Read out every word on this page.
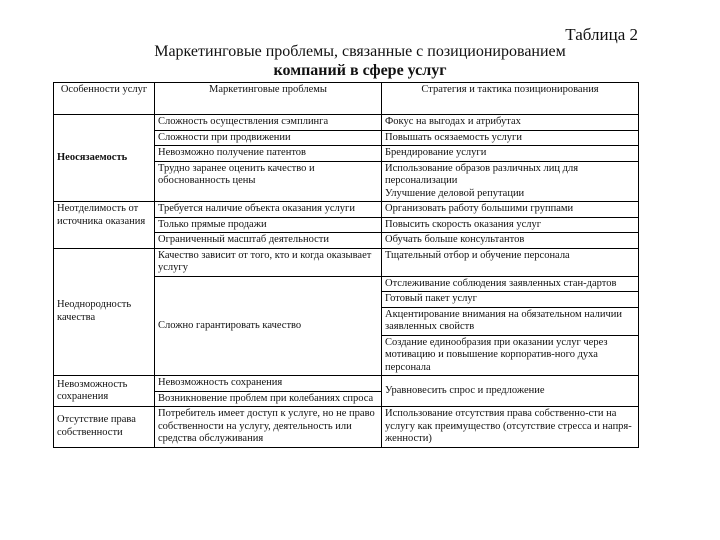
Таблица 2
Маркетинговые проблемы, связанные с позиционированием
компаний в сфере услуг
Особенности услуг	Маркетинговые проблемы	Стратегия и тактика позиционирования
Неосязаемость	Сложность осуществления сэмплинга	Фокус на выгодах и атрибутах
	Сложности при продвижении	Повышать осязаемость услуги
	Невозможно получение патентов	Брендирование услуги
	Трудно заранее оценить качество и обоснованность цены	Использование образов различных лиц для персонализации
Улучшение деловой репутации

Неотделимость от источника оказания	Требуется наличие объекта оказания услуги	Организовать работу большими группами
	Только прямые продажи	Повысить скорость оказания услуг
	Ограниченный масштаб деятельности	Обучать больше консультантов
Неоднородность качества	Качество зависит от того, кто и когда оказывает услугу	Тщательный отбор и обучение персонала
	Сложно гарантировать качество	Отслеживание соблюдения заявленных стан-дартов
		Готовый пакет услуг
		Акцентирование внимания на обязательном наличии заявленных свойств
		Создание единообразия при оказании услуг через мотивацию и повышение корпоратив-ного духа персонала
Невозможность сохранения	Невозможность сохранения	Уравновесить спрос и предложение
	Возникновение проблем при колебаниях спроса	
Отсутствие права собственности	Потребитель имеет доступ к услуге, но не право собственности на услугу, деятельность или средства обслуживания	Использование отсутствия права собственно-сти на услугу как преимущество (отсутствие стресса и напря-женности)
